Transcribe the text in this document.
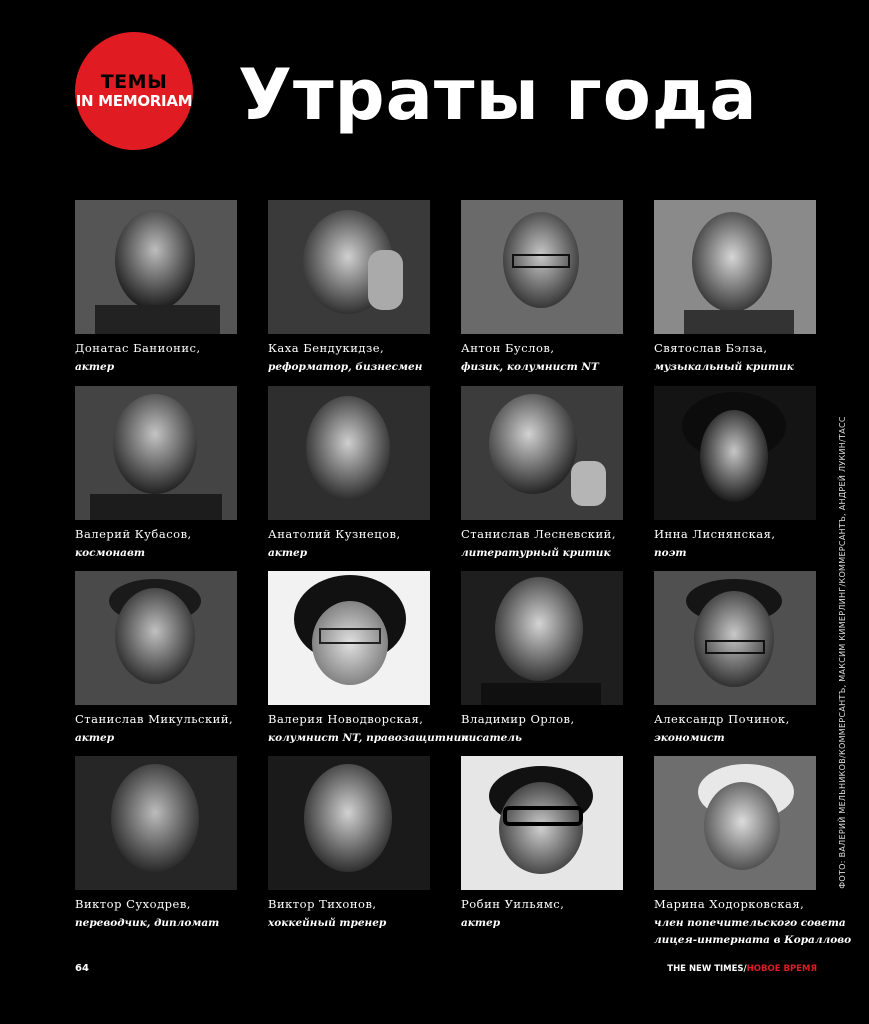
ТЕМЫ
IN MEMORIAM Утраты года
Донатас Банионис,
актер
Каха Бендукидзе,
реформатор, бизнесмен
Антон Буслов,
физик, колумнист NT
Святослав Бэлза,
музыкальный критик
Валерий Кубасов,
космонавт
Анатолий Кузнецов,
актер
Станислав Лесневский,
литературный критик
Инна Лиснянская,
поэт
Станислав Микульский,
актер
Валерия Новодворская,
колумнист NT, правозащитник
Владимир Орлов,
писатель
Александр Починок,
экономист
Виктор Суходрев,
переводчик, дипломат
Виктор Тихонов,
хоккейный тренер
Робин Уильямс,
актер
Марина Ходорковская,
член попечительского совета
лицея-интерната в Кораллово
ФОТО: ВАЛЕРИЙ МЕЛЬНИКОВ/КОММЕРСАНТЪ, МАКСИМ КИМЕРЛИНГ/КОММЕРСАНТЪ, АНДРЕЙ ЛУКИН/ТАСС
64	THE NEW TIMES/НОВОЕ ВРЕМЯ
